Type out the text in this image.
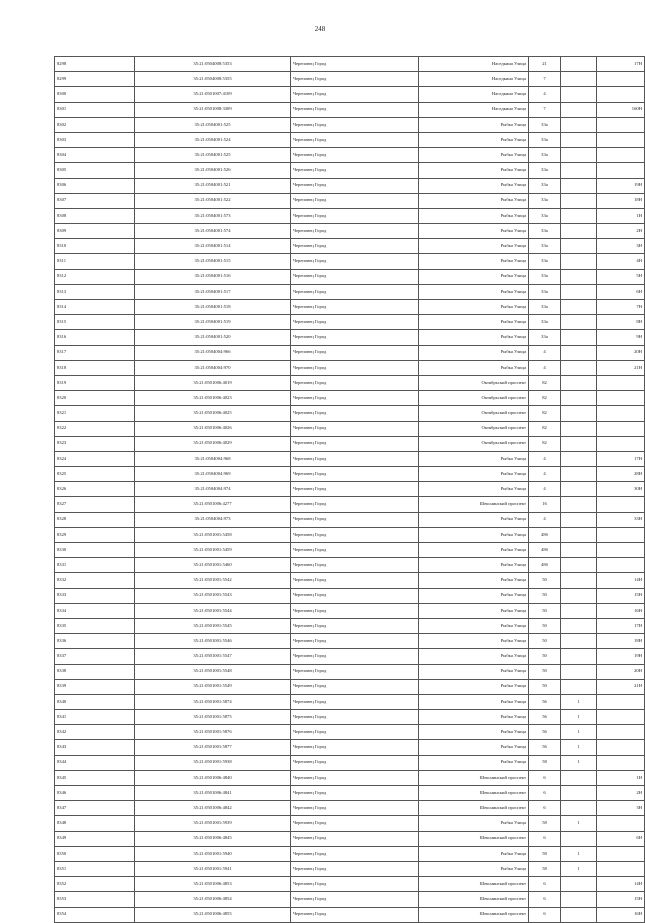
248
8298	35:21:0504008:5353	Череповец Город	Наседкина Улица	21		17Н
8299	35:21:0504008:5355	Череповец Город	Наседкина Улица	7		
8300	35:21:0501007:4109	Череповец Город	Наседкина Улица	4		
8301	35:21:0501008:3309	Череповец Город	Наседкина Улица	7		160Н
8302	35:21:0504001:525	Череповец Город	Рыбка Улица	33а		
8303	35:21:0504001:524	Череповец Город	Рыбка Улица	33а		
8304	35:21:0504001:525	Череповец Город	Рыбка Улица	33а		
8305	35:21:0504001:526	Череповец Город	Рыбка Улица	33а		
8306	35:21:0504001:521	Череповец Город	Рыбка Улица	33а		19Н
8307	35:21:0504001:522	Череповец Город	Рыбка Улица	33а		18Н
8308	35:21:0504001:573	Череповец Город	Рыбка Улица	33а		1Н
8309	35:21:0504001:574	Череповец Город	Рыбка Улица	33а		2Н
8310	35:21:0504001:514	Череповец Город	Рыбка Улица	33а		3Н
8311	35:21:0504001:515	Череповец Город	Рыбка Улица	33а		4Н
8312	35:21:0504001:516	Череповец Город	Рыбка Улица	33а		5Н
8313	35:21:0504001:517	Череповец Город	Рыбка Улица	33а		6Н
8314	35:21:0504001:518	Череповец Город	Рыбка Улица	33а		7Н
8315	35:21:0504001:519	Череповец Город	Рыбка Улица	33а		8Н
8316	35:21:0504001:520	Череповец Город	Рыбка Улица	33а		9Н
8317	35:21:0504004:966	Череповец Город	Рыбка Улица	4		20Н
8318	35:21:0504004:970	Череповец Город	Рыбка Улица	4		21Н
8319	35:21:0501006:4019	Череповец Город	Октябрьский проспект	82		
8320	35:21:0501006:4023	Череповец Город	Октябрьский проспект	82		
8321	35:21:0501006:4025	Череповец Город	Октябрьский проспект	82		
8322	35:21:0501006:4026	Череповец Город	Октябрьский проспект	82		
8323	35:21:0501006:4029	Череповец Город	Октябрьский проспект	82		
8324	35:21:0504004:968	Череповец Город	Рыбка Улица	4		17Н
8325	35:21:0504004:969	Череповец Город	Рыбка Улица	4		28Н
8326	35:21:0504004:974	Череповец Город	Рыбка Улица	4		30Н
8327	35:21:0501006:4277	Череповец Город	Шекснинский проспект	16		
8328	35:21:0504004:973	Череповец Город	Рыбка Улица	4		33Н
8329	35:21:0501001:5458	Череповец Город	Рыбка Улица	48б		
8330	35:21:0501001:5459	Череповец Город	Рыбка Улица	48б		
8331	35:21:0501001:5460	Череповец Город	Рыбка Улица	48б		
8332	35:21:0501001:5542	Череповец Город	Рыбка Улица	50		14Н
8333	35:21:0501001:5543	Череповец Город	Рыбка Улица	50		15Н
8334	35:21:0501001:5544	Череповец Город	Рыбка Улица	50		16Н
8335	35:21:0501001:5545	Череповец Город	Рыбка Улица	50		17Н
8336	35:21:0501001:5546	Череповец Город	Рыбка Улица	50		18Н
8337	35:21:0501001:5547	Череповец Город	Рыбка Улица	50		19Н
8338	35:21:0501001:5548	Череповец Город	Рыбка Улица	50		20Н
8339	35:21:0501001:5549	Череповец Город	Рыбка Улица	50		21Н
8340	35:21:0501001:5874	Череповец Город	Рыбка Улица	56	1	
8341	35:21:0501001:5875	Череповец Город	Рыбка Улица	56	1	
8342	35:21:0501001:5876	Череповец Город	Рыбка Улица	56	1	
8343	35:21:0501001:5877	Череповец Город	Рыбка Улица	56	1	
8344	35:21:0501001:5938	Череповец Город	Рыбка Улица	58	1	
8345	35:21:0501006:4840	Череповец Город	Шекснинский проспект	6		1Н
8346	35:21:0501006:4841	Череповец Город	Шекснинский проспект	6		2Н
8347	35:21:0501006:4842	Череповец Город	Шекснинский проспект	6		3Н
8348	35:21:0501001:5939	Череповец Город	Рыбка Улица	58	1	
8349	35:21:0501006:4845	Череповец Город	Шекснинский проспект	6		6Н
8350	35:21:0501001:5940	Череповец Город	Рыбка Улица	58	1	
8351	35:21:0501001:5941	Череповец Город	Рыбка Улица	58	1	
8352	35:21:0501006:4853	Череповец Город	Шекснинский проспект	6		14Н
8353	35:21:0501006:4854	Череповец Город	Шекснинский проспект	6		15Н
8354	35:21:0501006:4855	Череповец Город	Шекснинский проспект	6		16Н
